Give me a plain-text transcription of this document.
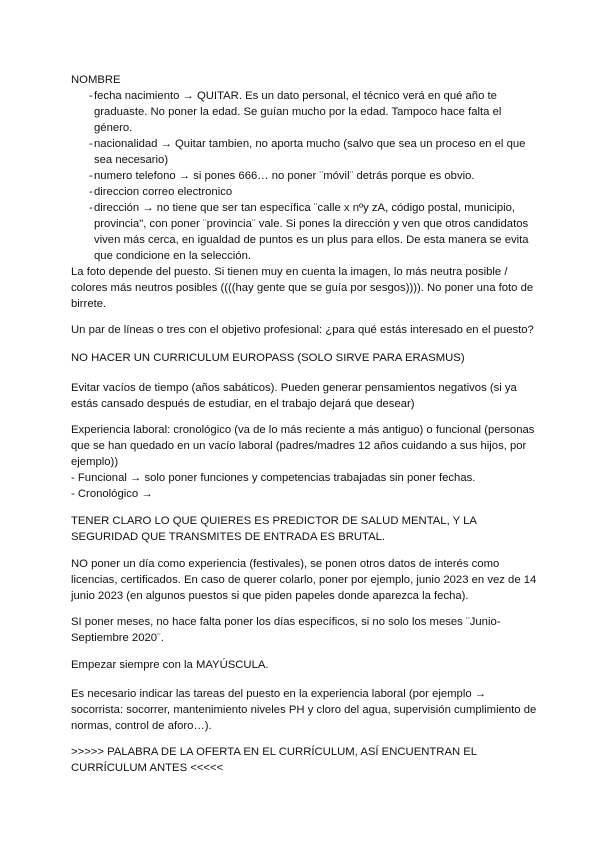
NOMBRE
- fecha nacimiento → QUITAR. Es un dato personal, el técnico verá en qué año te graduaste. No poner la edad. Se guían mucho por la edad. Tampoco hace falta el género.
- nacionalidad → Quitar tambien, no aporta mucho (salvo que sea un proceso en el que sea necesario)
- numero telefono → si pones 666… no poner ¨móvil¨ detrás porque es obvio.
- direccion correo electronico
- dirección → no tiene que ser tan específica ¨calle x nºy zA, código postal, municipio, provincia", con poner ¨provincia¨ vale. Si pones la dirección y ven que otros candidatos viven más cerca, en igualdad de puntos es un plus para ellos. De esta manera se evita que condicione en la selección.

La foto depende del puesto. Si tienen muy en cuenta la imagen, lo más neutra posible / colores más neutros posibles ((((hay gente que se guía por sesgos)))). No poner una foto de birrete.

Un par de líneas o tres con el objetivo profesional: ¿para qué estás interesado en el puesto?

NO HACER UN CURRICULUM EUROPASS (SOLO SIRVE PARA ERASMUS)

Evitar vacíos de tiempo (años sabáticos). Pueden generar pensamientos negativos (si ya estás cansado después de estudiar, en el trabajo dejará que desear)

Experiencia laboral: cronológico (va de lo más reciente a más antiguo) o funcional (personas que se han quedado en un vacío laboral (padres/madres 12 años cuidando a sus hijos, por ejemplo))

- Funcional → solo poner funciones y competencias trabajadas sin poner fechas.

- Cronológico →

TENER CLARO LO QUE QUIERES ES PREDICTOR DE SALUD MENTAL, Y LA SEGURIDAD QUE TRANSMITES DE ENTRADA ES BRUTAL.

NO poner un día como experiencia (festivales), se ponen otros datos de interés como licencias, certificados. En caso de querer colarlo, poner por ejemplo, junio 2023 en vez de 14 junio 2023 (en algunos puestos si que piden papeles donde aparezca la fecha).

SI poner meses, no hace falta poner los días específicos, si no solo los meses ¨Junio-Septiembre 2020¨.

Empezar siempre con la MAYÚSCULA.

Es necesario indicar las tareas del puesto en la experiencia laboral (por ejemplo → socorrista: socorrer, mantenimiento niveles PH y cloro del agua, supervisión cumplimiento de normas, control de aforo…).

>>>>> PALABRA DE LA OFERTA EN EL CURRÍCULUM, ASÍ ENCUENTRAN EL CURRÍCULUM ANTES <<<<<
